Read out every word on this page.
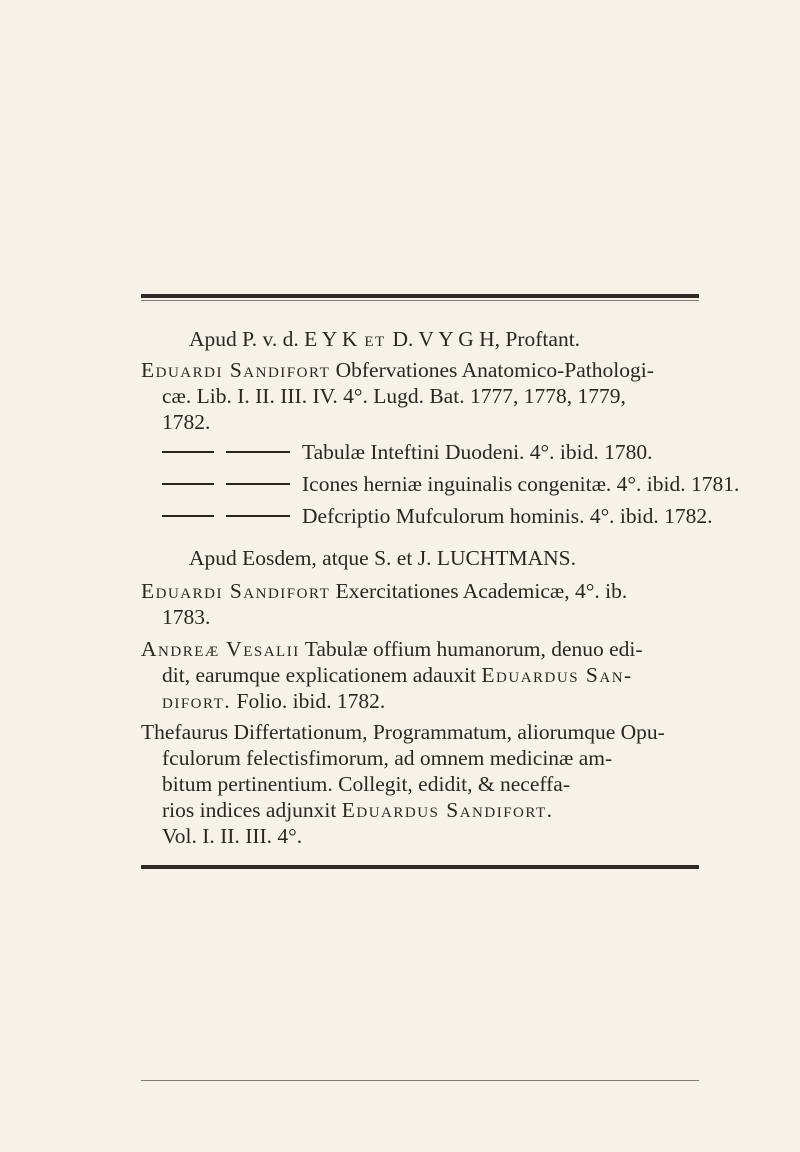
Apud P. v. d. E Y K et D. V Y G H, Proftant.
Eduardi Sandifort Obfervationes Anatomico-Pathologi-
cæ. Lib. I. II. III. IV. 4°. Lugd. Bat. 1777, 1778, 1779,
1782.
Tabulæ Inteftini Duodeni. 4°. ibid. 1780.
Icones herniæ inguinalis congenitæ. 4°. ibid. 1781.
Defcriptio Mufculorum hominis. 4°. ibid. 1782.
Apud Eosdem, atque S. et J. LUCHTMANS.
Eduardi Sandifort Exercitationes Academicæ, 4°. ib.
1783.
Andreæ Vesalii Tabulæ offium humanorum, denuo edi-
dit, earumque explicationem adauxit Eduardus San-
difort. Folio. ibid. 1782.
Thefaurus Differtationum, Programmatum, aliorumque Opu-
fculorum felectisfimorum, ad omnem medicinæ am-
bitum pertinentium. Collegit, edidit, & neceffa-
rios indices adjunxit Eduardus Sandifort.
Vol. I. II. III. 4°.
